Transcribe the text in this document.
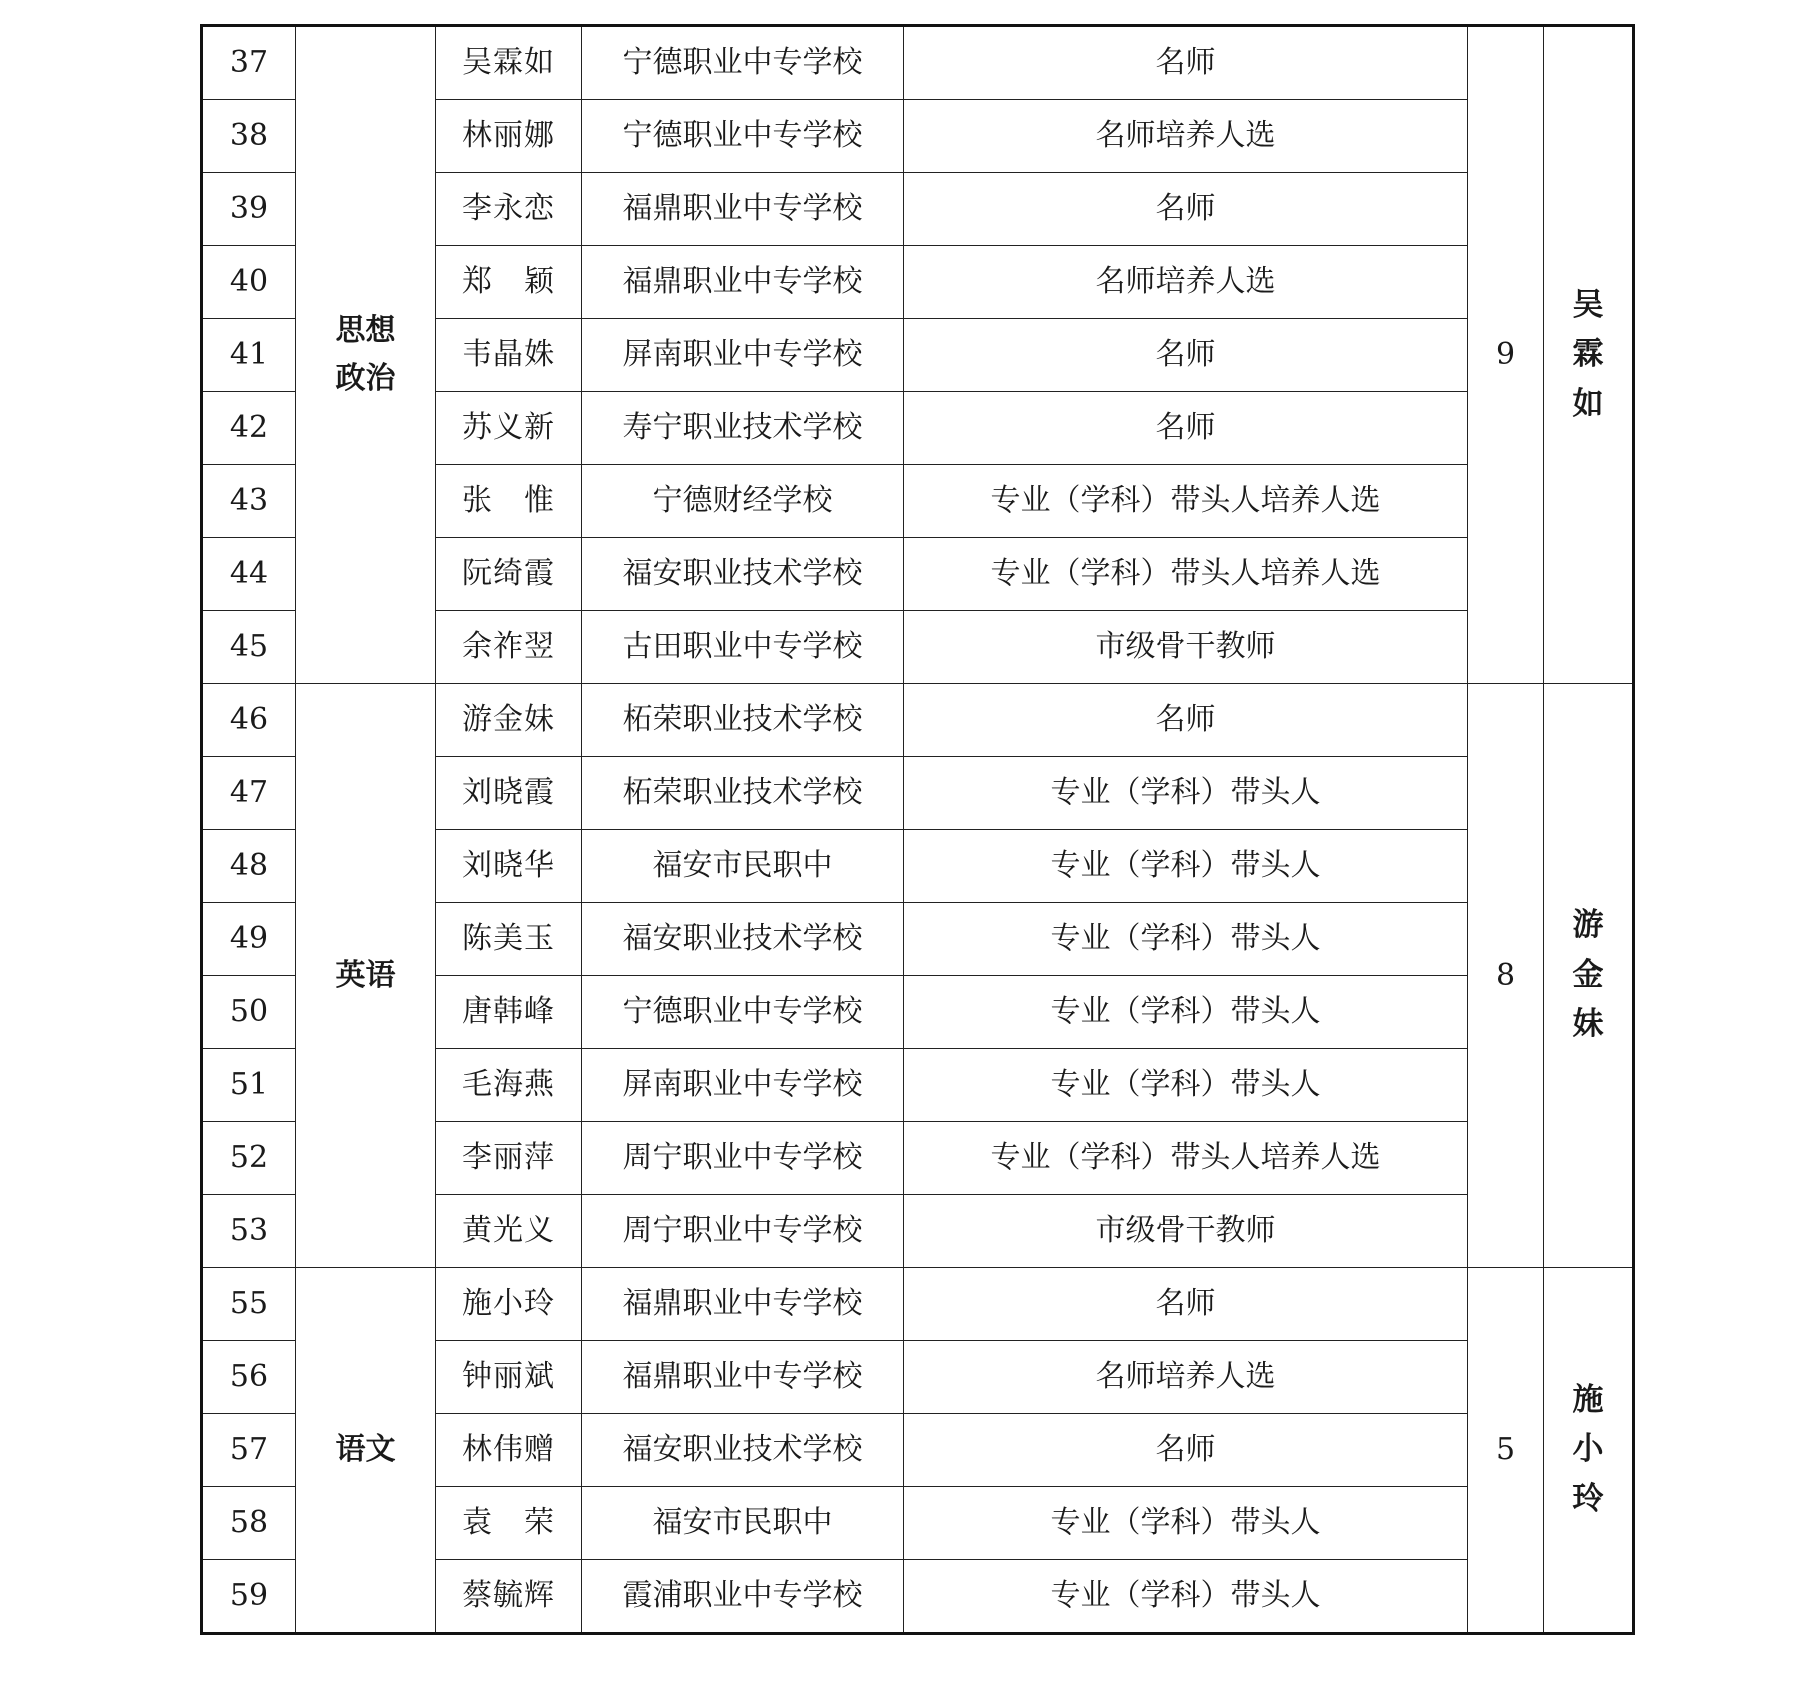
37	思想政治	吴霖如	宁德职业中专学校	名师	9	吴霖如
38		林丽娜	宁德职业中专学校	名师培养人选		
39		李永恋	福鼎职业中专学校	名师		
40		郑　颖	福鼎职业中专学校	名师培养人选		
41		韦晶姝	屏南职业中专学校	名师		
42		苏义新	寿宁职业技术学校	名师		
43		张　惟	宁德财经学校	专业（学科）带头人培养人选		
44		阮绮霞	福安职业技术学校	专业（学科）带头人培养人选		
45		余祚翌	古田职业中专学校	市级骨干教师		
46	英语	游金妹	柘荣职业技术学校	名师	8	游金妹
47		刘晓霞	柘荣职业技术学校	专业（学科）带头人		
48		刘晓华	福安市民职中	专业（学科）带头人		
49		陈美玉	福安职业技术学校	专业（学科）带头人		
50		唐韩峰	宁德职业中专学校	专业（学科）带头人		
51		毛海燕	屏南职业中专学校	专业（学科）带头人		
52		李丽萍	周宁职业中专学校	专业（学科）带头人培养人选		
53		黄光义	周宁职业中专学校	市级骨干教师		
55	语文	施小玲	福鼎职业中专学校	名师	5	施小玲
56		钟丽斌	福鼎职业中专学校	名师培养人选		
57		林伟赠	福安职业技术学校	名师		
58		袁　荣	福安市民职中	专业（学科）带头人		
59		蔡毓辉	霞浦职业中专学校	专业（学科）带头人		
